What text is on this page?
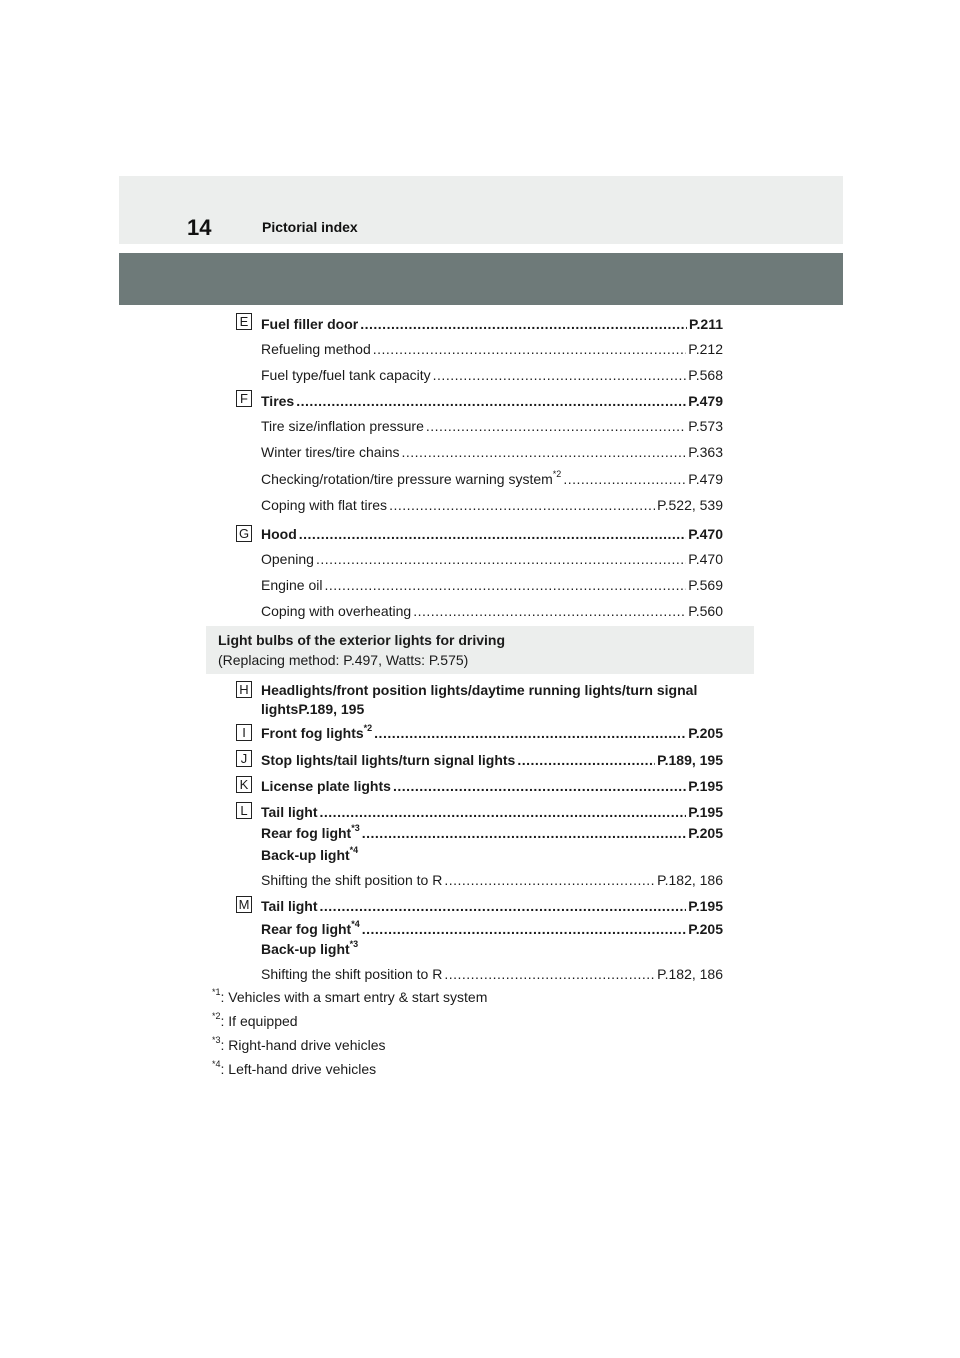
14	Pictorial index
E Fuel filler door .....	P.211
Refueling method .....	P.212
Fuel type/fuel tank capacity .....	P.568
F Tires .....	P.479
Tire size/inflation pressure .....	P.573
Winter tires/tire chains .....	P.363
Checking/rotation/tire pressure warning system$^{*2}$ .....	P.479
Coping with flat tires .....	P.522, 539
G Hood .....	P.470
Opening .....	P.470
Engine oil .....	P.569
Coping with overheating .....	P.560
Light bulbs of the exterior lights for driving
(Replacing method: P.497, Watts: P.575)
H Headlights/front position lights/daytime running lights/turn signal
lightsP.189, 195
I	Front fog lights$^{*2}$ .....	P.205
J Stop lights/tail lights/turn signal lights .....	P.189, 195
K License plate lights .....	P.195
L Tail light .....	P.195
Rear fog light$^{*3}$ .....	P.205
Back-up light$^{*4}$
Shifting the shift position to R .....	P.182, 186
M Tail light .....	P.195
Rear fog light$^{*4}$ .....	P.205
Back-up light$^{*3}$
Shifting the shift position to R .....	P.182, 186
$^{*1}$: Vehicles with a smart entry & start system
$^{*2}$: If equipped
$^{*3}$: Right-hand drive vehicles
$^{*4}$: Left-hand drive vehicles
